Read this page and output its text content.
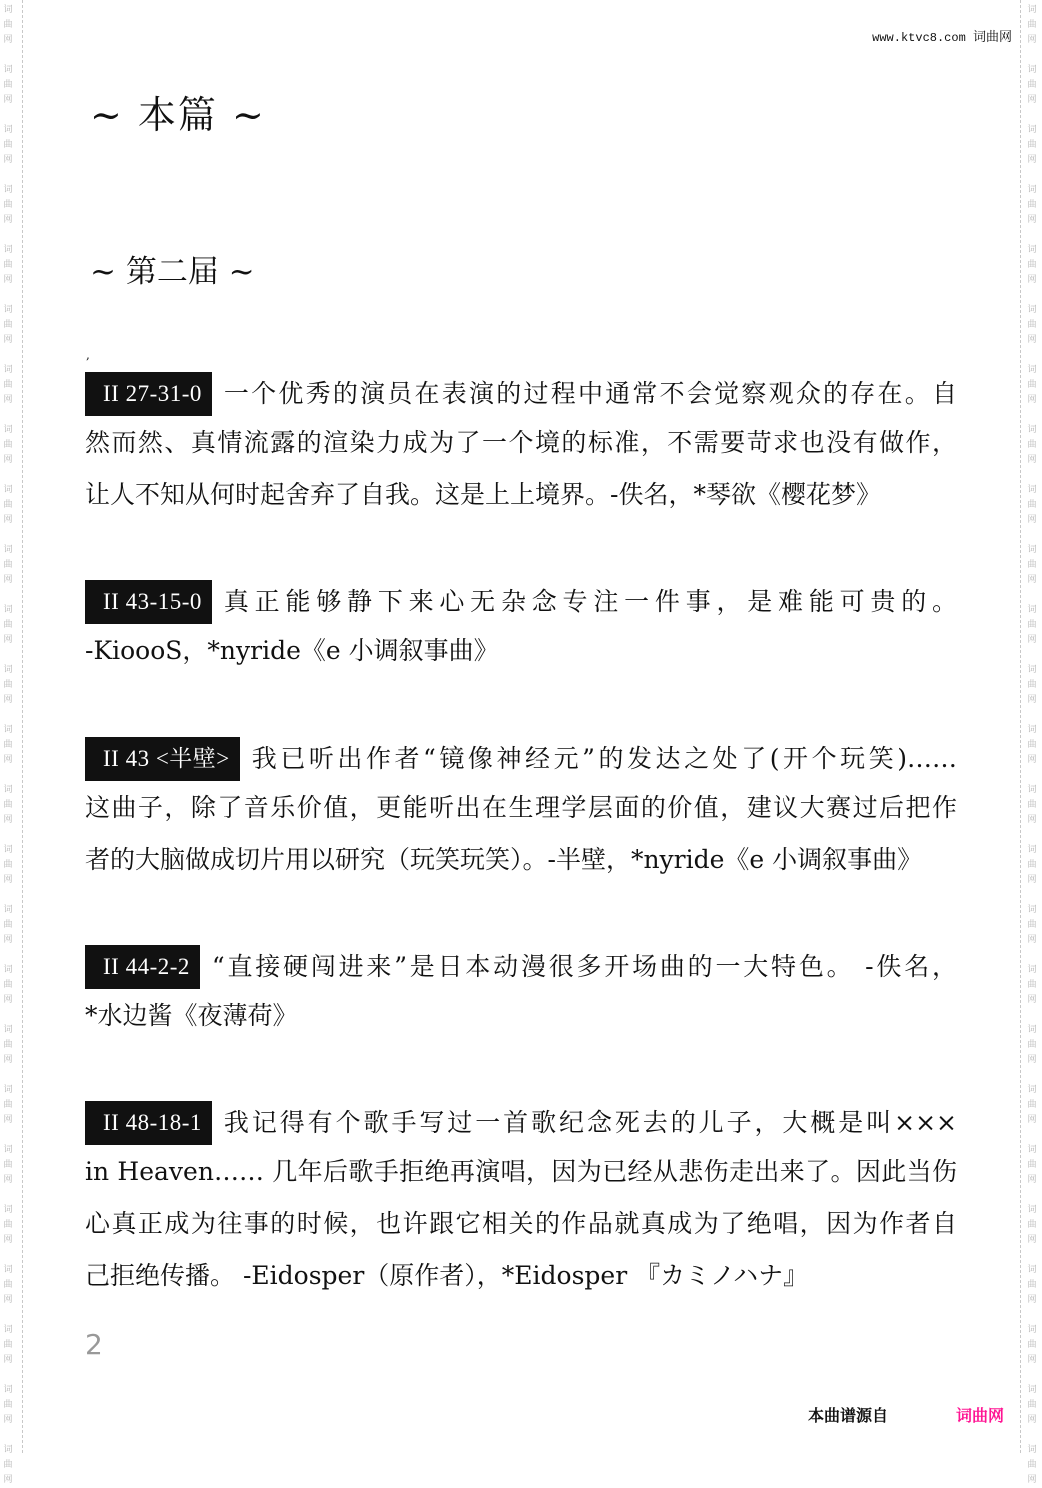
词
曲
网
词
曲
网
词
曲
网
词
曲
网
词
曲
网
词
曲
网
词
曲
网
词
曲
网
词
曲
网
词
曲
网
词
曲
网
词
曲
网
词
曲
网
词
曲
网
词
曲
网
词
曲
网
词
曲
网
词
曲
网
词
曲
网
词
曲
网
词
曲
网
词
曲
网
词
曲
网
词
曲
网
词
曲
网
词
曲
网
词
曲
网
词
曲
网
词
曲
网
词
曲
网
词
曲
网
词
曲
网
词
曲
网
词
曲
网
词
曲
网
词
曲
网
词
曲
网
词
曲
网
词
曲
网
词
曲
网
词
曲
网
词
曲
网
词
曲
网
词
曲
网
词
曲
网
词
曲
网
词
曲
网
词
曲
网
词
曲
网
词
曲
网
www.ktvc8.com 词曲网
~ 本篇 ~
~ 第二届 ~
,
II 27-31-0 一个优秀的演员在表演的过程中通常不会觉察观众的存在。自
然而然、真情流露的渲染力成为了一个境的标准，不需要苛求也没有做作，
让人不知从何时起舍弃了自我。这是上上境界。-佚名，*琴欲《樱花梦》
II 43-15-0 真正能够静下来心无杂念专注一件事，是难能可贵的。
-KioooS，*nyride《e 小调叙事曲》
II 43 <半壁> 我已听出作者“镜像神经元”的发达之处了(开个玩笑)……
这曲子，除了音乐价值，更能听出在生理学层面的价值，建议大赛过后把作
者的大脑做成切片用以研究（玩笑玩笑）。-半壁，*nyride《e 小调叙事曲》
II 44-2-2 “直接硬闯进来”是日本动漫很多开场曲的一大特色。 -佚名，
*水边酱《夜薄荷》
II 48-18-1 我记得有个歌手写过一首歌纪念死去的儿子，大概是叫×××
in Heaven…… 几年后歌手拒绝再演唱，因为已经从悲伤走出来了。因此当伤
心真正成为往事的时候，也许跟它相关的作品就真成为了绝唱，因为作者自
己拒绝传播。 -Eidosper（原作者），*Eidosper 『カミノハナ』
2
本曲谱源自	词曲网
